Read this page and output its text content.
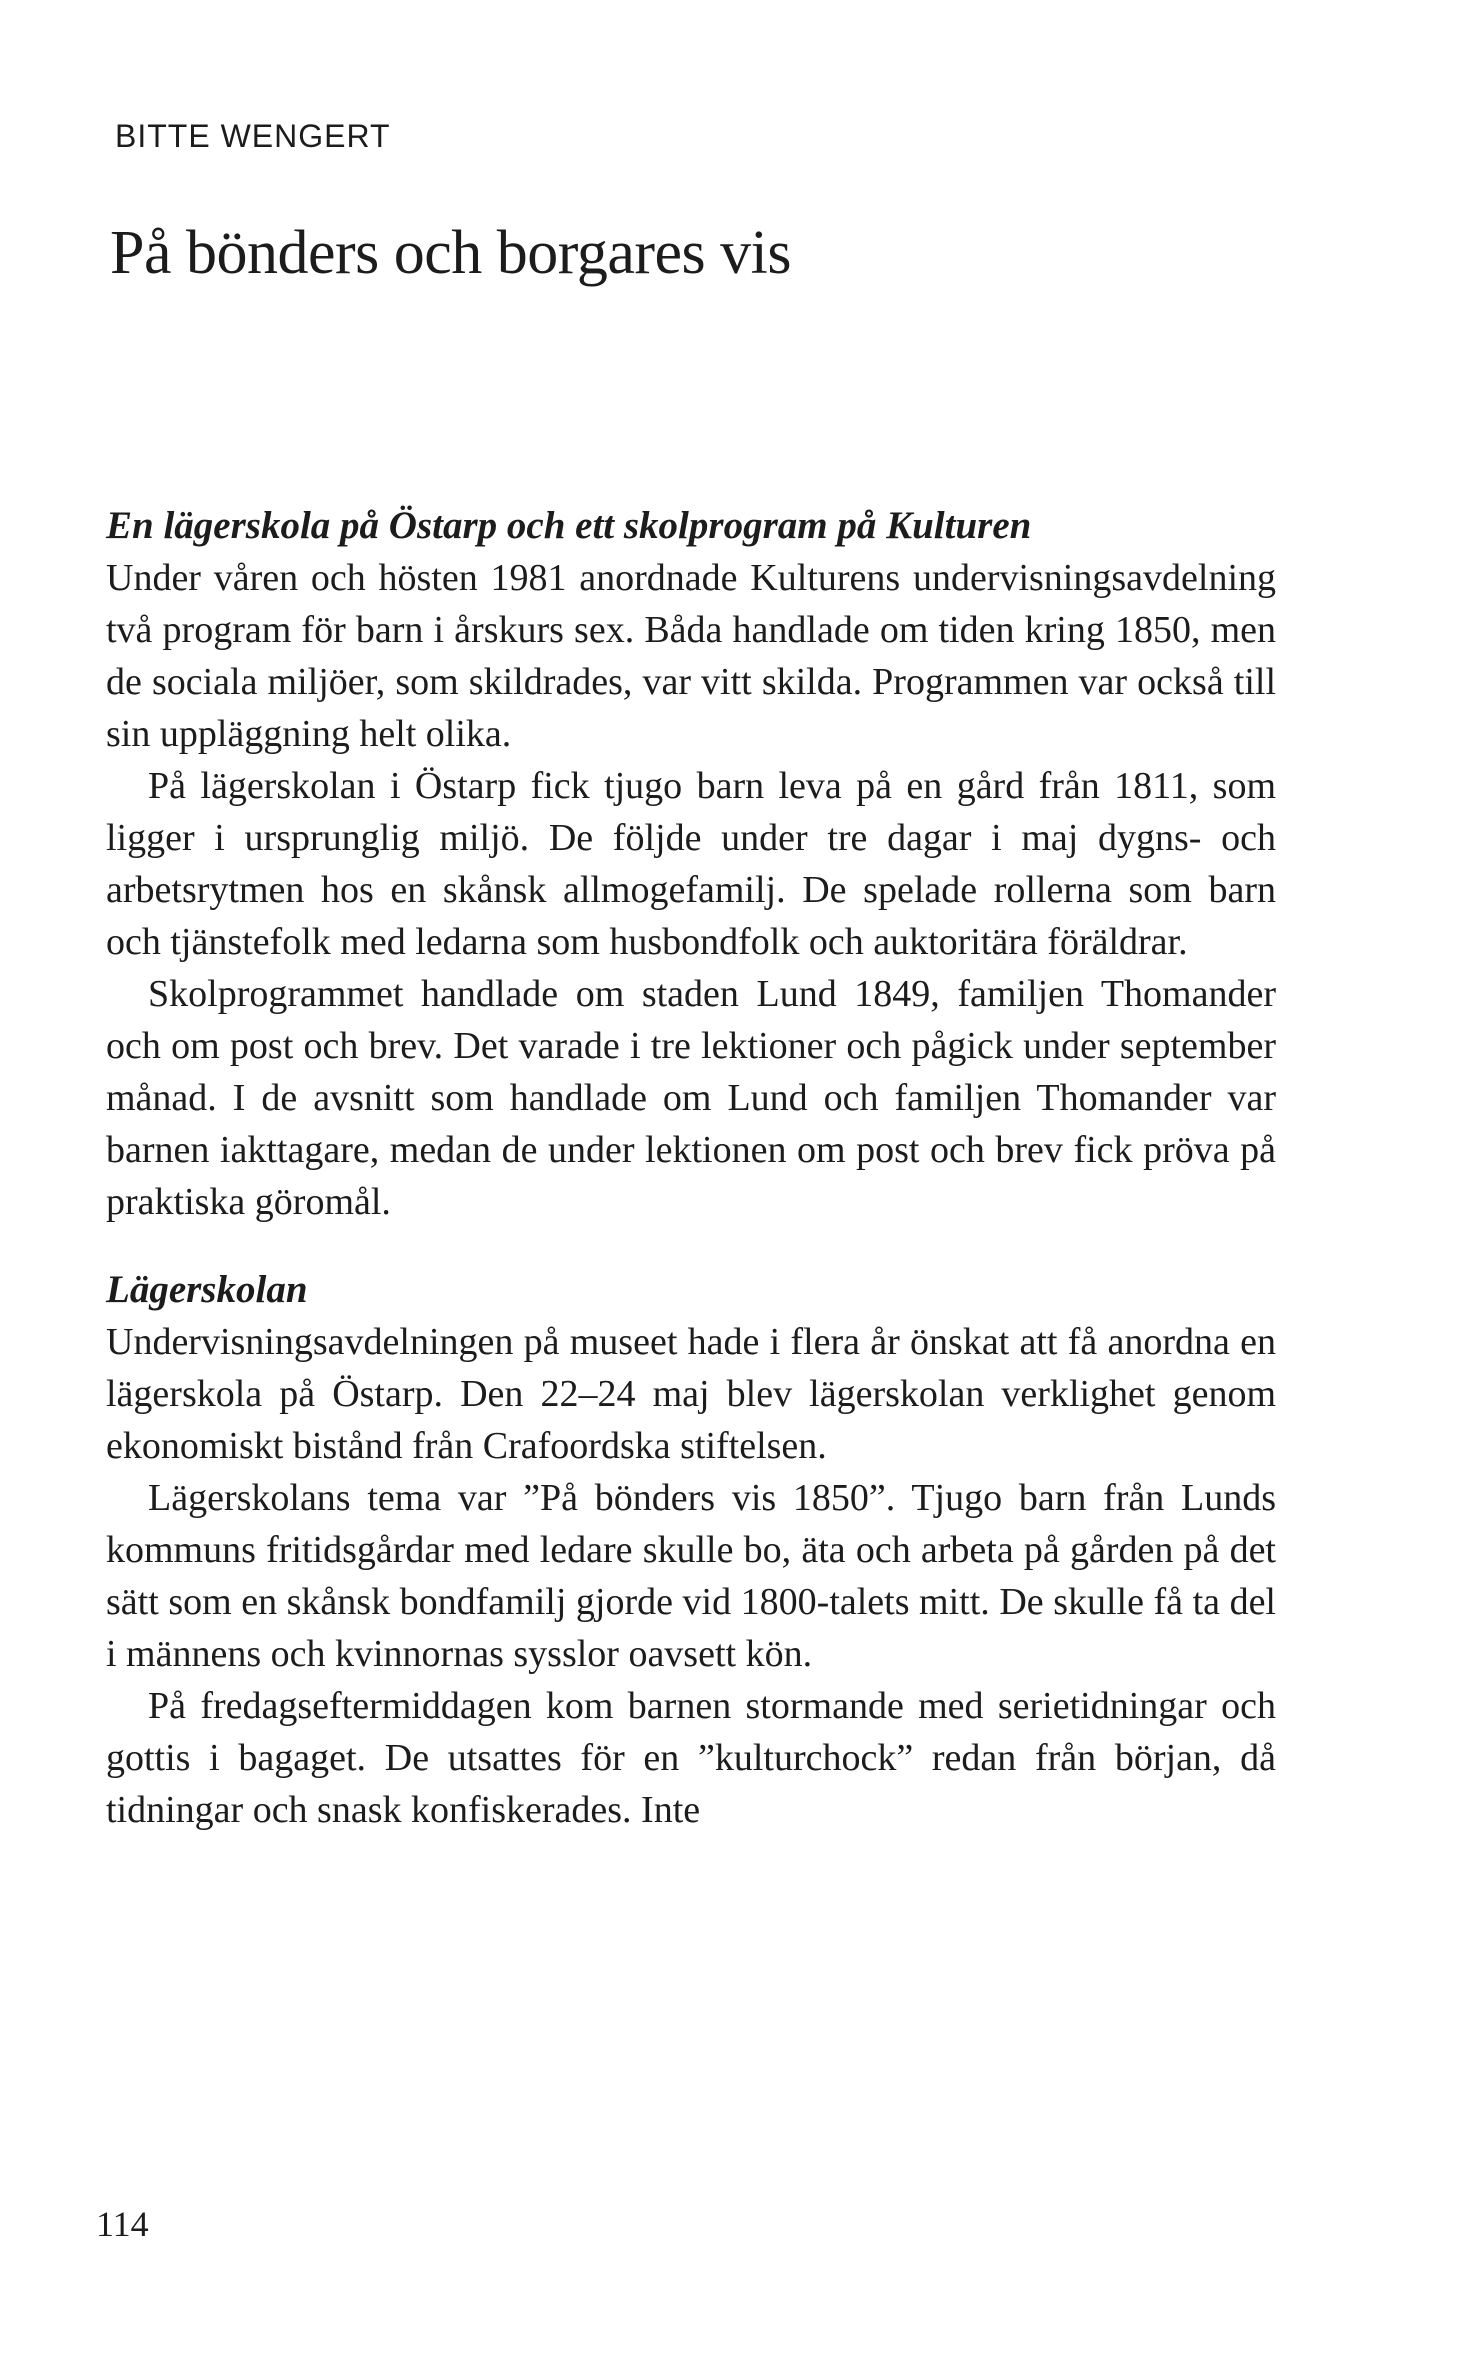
BITTE WENGERT

På bönders och borgares vis
En lägerskola på Östarp och ett skolprogram på Kulturen

Under våren och hösten 1981 anordnade Kulturens undervisningsavdelning två program för barn i årskurs sex. Båda handlade om tiden kring 1850, men de sociala miljöer, som skildrades, var vitt skilda. Programmen var också till sin uppläggning helt olika.

På lägerskolan i Östarp fick tjugo barn leva på en gård från 1811, som ligger i ursprunglig miljö. De följde under tre dagar i maj dygns- och arbetsrytmen hos en skånsk allmogefamilj. De spelade rollerna som barn och tjänstefolk med ledarna som husbondfolk och auktoritära föräldrar.

Skolprogrammet handlade om staden Lund 1849, familjen Thomander och om post och brev. Det varade i tre lektioner och pågick under september månad. I de avsnitt som handlade om Lund och familjen Thomander var barnen iakttagare, medan de under lektionen om post och brev fick pröva på praktiska göromål.

Lägerskolan

Undervisningsavdelningen på museet hade i flera år önskat att få anordna en lägerskola på Östarp. Den 22–24 maj blev lägerskolan verklighet genom ekonomiskt bistånd från Crafoordska stiftelsen.

Lägerskolans tema var ”På bönders vis 1850”. Tjugo barn från Lunds kommuns fritidsgårdar med ledare skulle bo, äta och arbeta på gården på det sätt som en skånsk bondfamilj gjorde vid 1800-talets mitt. De skulle få ta del i männens och kvinnornas sysslor oavsett kön.

På fredagseftermiddagen kom barnen stormande med serietidningar och gottis i bagaget. De utsattes för en ”kulturchock” redan från början, då tidningar och snask konfiskerades. Inte

114
